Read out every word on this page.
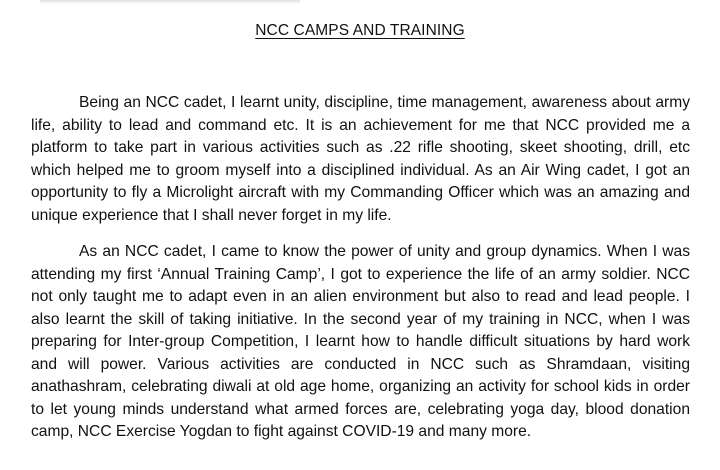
NCC CAMPS AND TRAINING

Being an NCC cadet, I learnt unity, discipline, time management, awareness about army life, ability to lead and command etc. It is an achievement for me that NCC provided me a platform to take part in various activities such as .22 rifle shooting, skeet shooting, drill, etc which helped me to groom myself into a disciplined individual. As an Air Wing cadet, I got an opportunity to fly a Microlight aircraft with my Commanding Officer which was an amazing and unique experience that I shall never forget in my life.

As an NCC cadet, I came to know the power of unity and group dynamics. When I was attending my first ‘Annual Training Camp’, I got to experience the life of an army soldier. NCC not only taught me to adapt even in an alien environment but also to read and lead people. I also learnt the skill of taking initiative. In the second year of my training in NCC, when I was preparing for Inter-group Competition, I learnt how to handle difficult situations by hard work and will power. Various activities are conducted in NCC such as Shramdaan, visiting anathashram, celebrating diwali at old age home, organizing an activity for school kids in order to let young minds understand what armed forces are, celebrating yoga day, blood donation camp, NCC Exercise Yogdan to fight against COVID-19 and many more.
